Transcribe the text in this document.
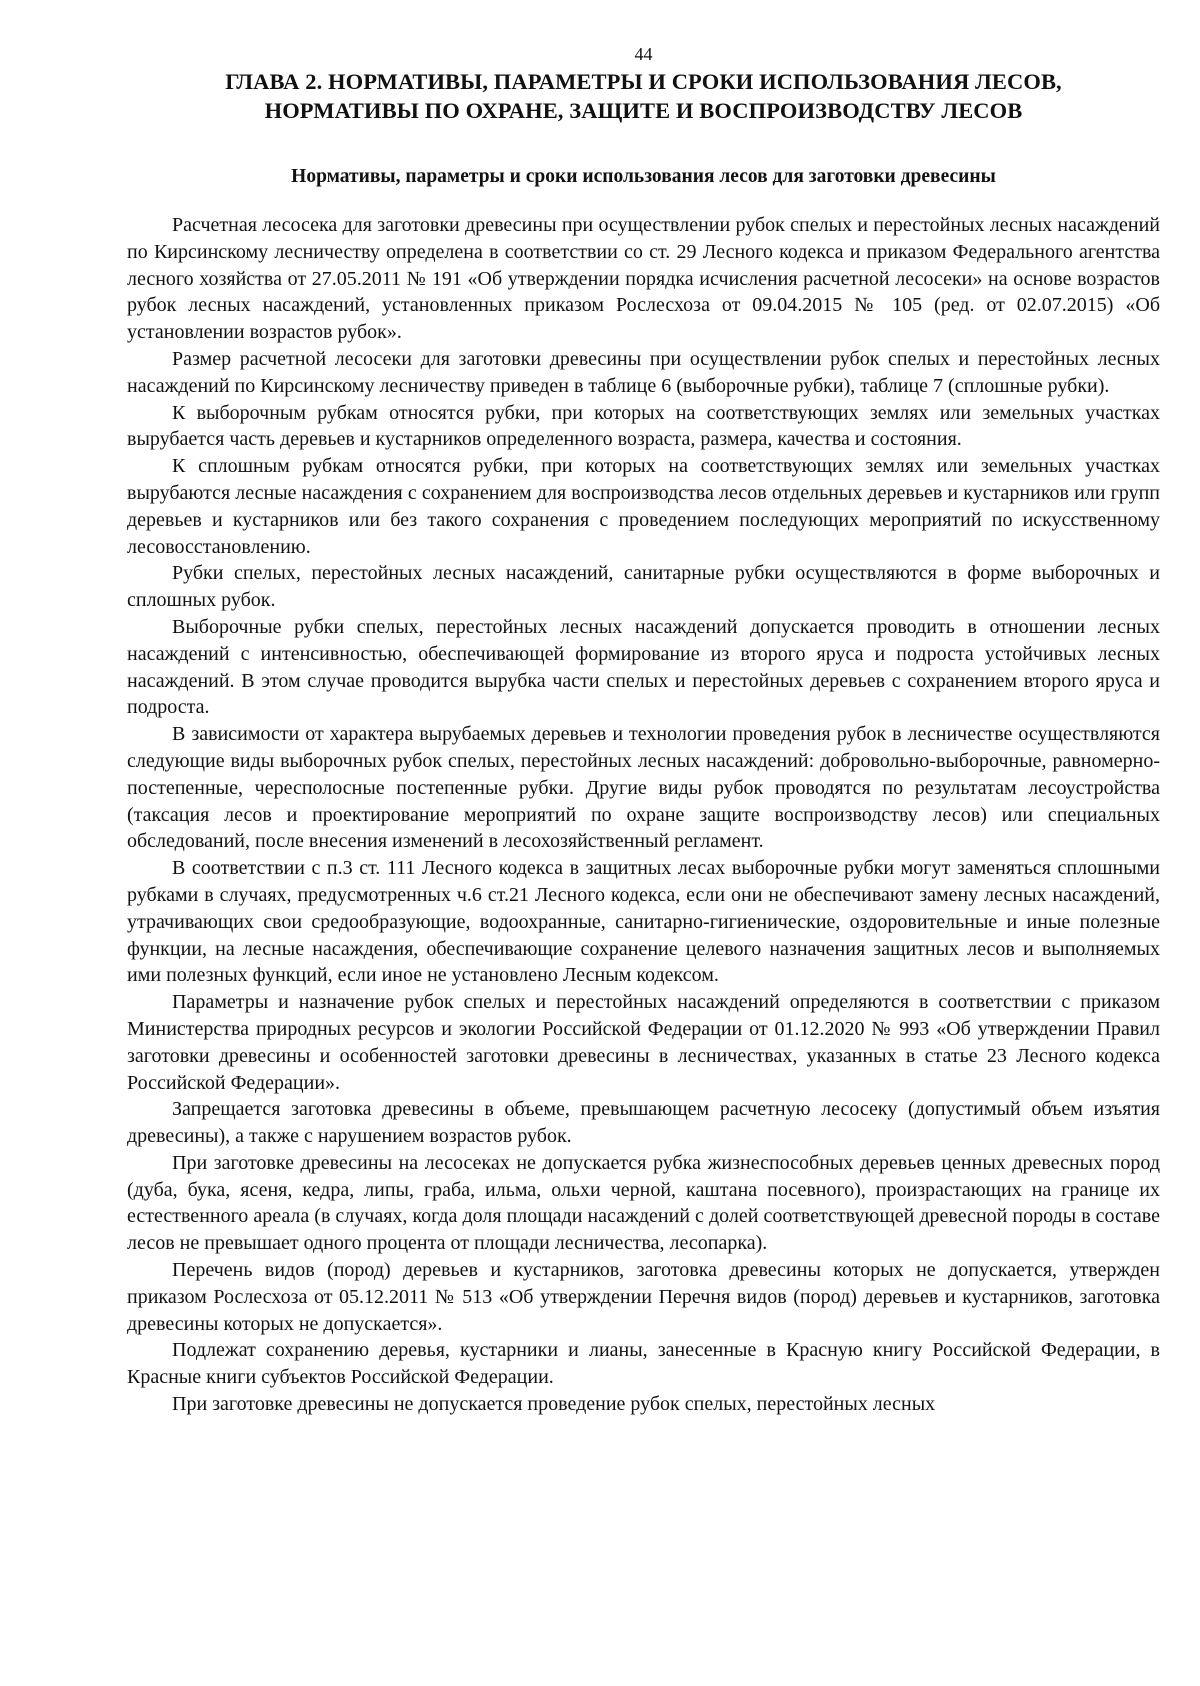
44
ГЛАВА 2. НОРМАТИВЫ, ПАРАМЕТРЫ И СРОКИ ИСПОЛЬЗОВАНИЯ ЛЕСОВ,
НОРМАТИВЫ ПО ОХРАНЕ, ЗАЩИТЕ И ВОСПРОИЗВОДСТВУ ЛЕСОВ
Нормативы, параметры и сроки использования лесов для заготовки древесины

Расчетная лесосека для заготовки древесины при осуществлении рубок спелых и перестойных лесных насаждений по Кирсинскому лесничеству определена в соответствии со ст. 29 Лесного кодекса и приказом Федерального агентства лесного хозяйства от 27.05.2011 № 191 «Об утверждении порядка исчисления расчетной лесосеки» на основе возрастов рубок лесных насаждений, установленных приказом Рослесхоза от 09.04.2015 № 105 (ред. от 02.07.2015) «Об установлении возрастов рубок».

Размер расчетной лесосеки для заготовки древесины при осуществлении рубок спелых и перестойных лесных насаждений по Кирсинскому лесничеству приведен в таблице 6 (выборочные рубки), таблице 7 (сплошные рубки).

К выборочным рубкам относятся рубки, при которых на соответствующих землях или земельных участках вырубается часть деревьев и кустарников определенного возраста, размера, качества и состояния.

К сплошным рубкам относятся рубки, при которых на соответствующих землях или земельных участках вырубаются лесные насаждения с сохранением для воспроизводства лесов отдельных деревьев и кустарников или групп деревьев и кустарников или без такого сохранения с проведением последующих мероприятий по искусственному лесовосстановлению.

Рубки спелых, перестойных лесных насаждений, санитарные рубки осуществляются в форме выборочных и сплошных рубок.

Выборочные рубки спелых, перестойных лесных насаждений допускается проводить в отношении лесных насаждений с интенсивностью, обеспечивающей формирование из второго яруса и подроста устойчивых лесных насаждений. В этом случае проводится вырубка части спелых и перестойных деревьев с сохранением второго яруса и подроста.

В зависимости от характера вырубаемых деревьев и технологии проведения рубок в лесничестве осуществляются следующие виды выборочных рубок спелых, перестойных лесных насаждений: добровольно-выборочные, равномерно-постепенные, чересполосные постепенные рубки. Другие виды рубок проводятся по результатам лесоустройства (таксация лесов и проектирование мероприятий по охране защите воспроизводству лесов) или специальных обследований, после внесения изменений в лесохозяйственный регламент.

В соответствии с п.3 ст. 111 Лесного кодекса в защитных лесах выборочные рубки могут заменяться сплошными рубками в случаях, предусмотренных ч.6 ст.21 Лесного кодекса, если они не обеспечивают замену лесных насаждений, утрачивающих свои средообразующие, водоохранные, санитарно-гигиенические, оздоровительные и иные полезные функции, на лесные насаждения, обеспечивающие сохранение целевого назначения защитных лесов и выполняемых ими полезных функций, если иное не установлено Лесным кодексом.

Параметры и назначение рубок спелых и перестойных насаждений определяются в соответствии с приказом Министерства природных ресурсов и экологии Российской Федерации от 01.12.2020 № 993 «Об утверждении Правил заготовки древесины и особенностей заготовки древесины в лесничествах, указанных в статье 23 Лесного кодекса Российской Федерации».

Запрещается заготовка древесины в объеме, превышающем расчетную лесосеку (допустимый объем изъятия древесины), а также с нарушением возрастов рубок.

При заготовке древесины на лесосеках не допускается рубка жизнеспособных деревьев ценных древесных пород (дуба, бука, ясеня, кедра, липы, граба, ильма, ольхи черной, каштана посевного), произрастающих на границе их естественного ареала (в случаях, когда доля площади насаждений с долей соответствующей древесной породы в составе лесов не превышает одного процента от площади лесничества, лесопарка).

Перечень видов (пород) деревьев и кустарников, заготовка древесины которых не допускается, утвержден приказом Рослесхоза от 05.12.2011 № 513 «Об утверждении Перечня видов (пород) деревьев и кустарников, заготовка древесины которых не допускается».

Подлежат сохранению деревья, кустарники и лианы, занесенные в Красную книгу Российской Федерации, в Красные книги субъектов Российской Федерации.

При заготовке древесины не допускается проведение рубок спелых, перестойных лесных
